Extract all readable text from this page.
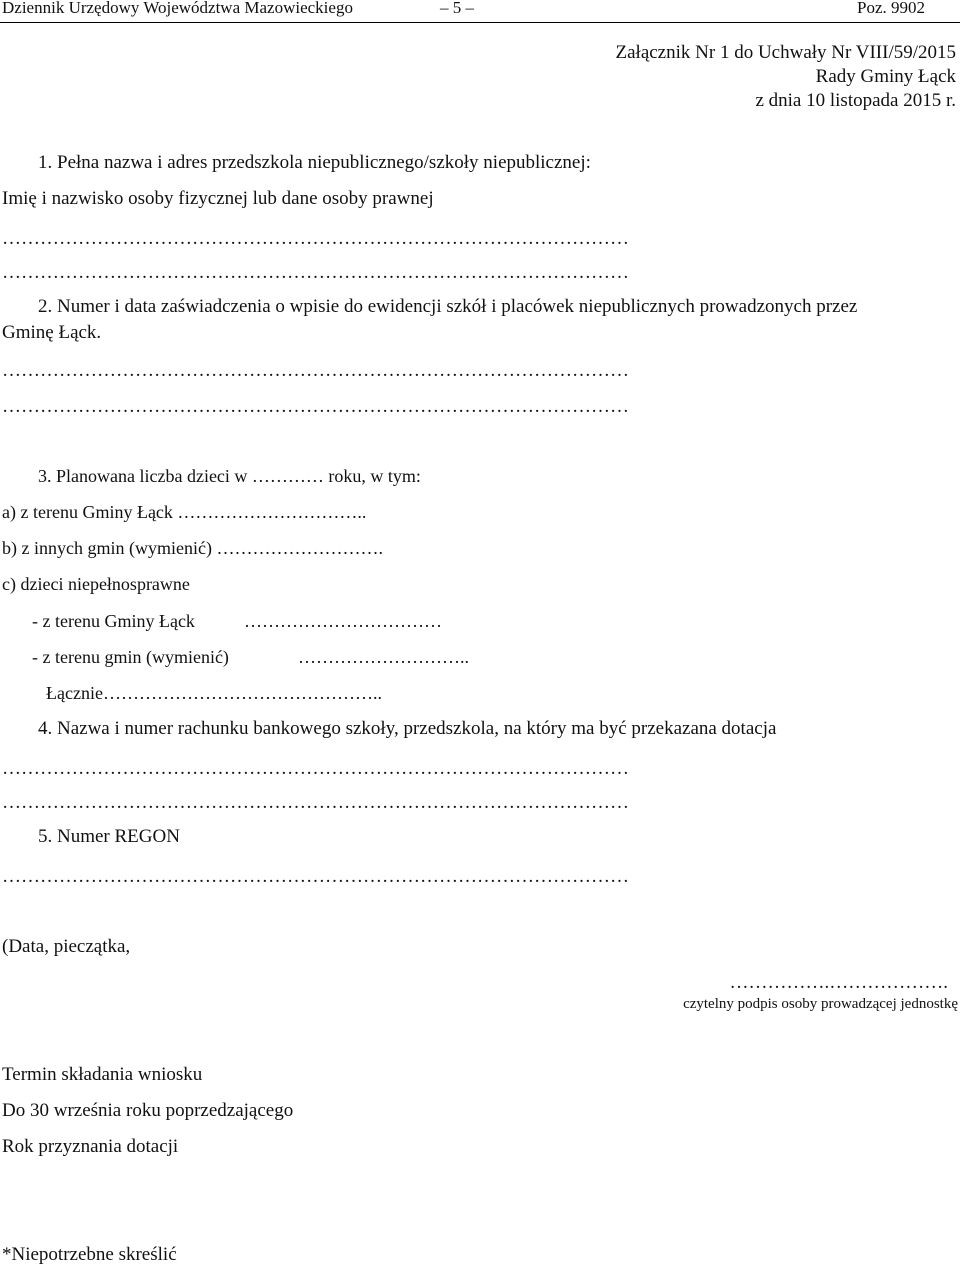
Dziennik Urzędowy Województwa Mazowieckiego	– 5 –	Poz. 9902
Załącznik Nr 1 do Uchwały Nr VIII/59/2015
Rady Gminy Łąck
z dnia 10 listopada 2015 r.
1. Pełna nazwa i adres przedszkola niepublicznego/szkoły niepublicznej:
Imię i nazwisko osoby fizycznej lub dane osoby prawnej
………………………………………………………………………………………
………………………………………………………………………………………
2. Numer i data zaświadczenia o wpisie do ewidencji szkół i placówek niepublicznych prowadzonych przez
Gminę Łąck.
………………………………………………………………………………………
………………………………………………………………………………………
3. Planowana liczba dzieci w ………… roku, w tym:
a) z terenu Gminy Łąck …………………………..
b) z innych gmin (wymienić) ……………………….
c) dzieci niepełnosprawne
- z terenu Gminy Łąck	……………………………
- z terenu gmin (wymienić)	………………………..
Łącznie………………………………………..
4. Nazwa i numer rachunku bankowego szkoły, przedszkola, na który ma być przekazana dotacja
………………………………………………………………………………………
………………………………………………………………………………………
5. Numer REGON
………………………………………………………………………………………
(Data, pieczątka,
…………….……………….
czytelny podpis osoby prowadzącej jednostkę
Termin składania wniosku
Do 30 września roku poprzedzającego
Rok przyznania dotacji
*Niepotrzebne skreślić
